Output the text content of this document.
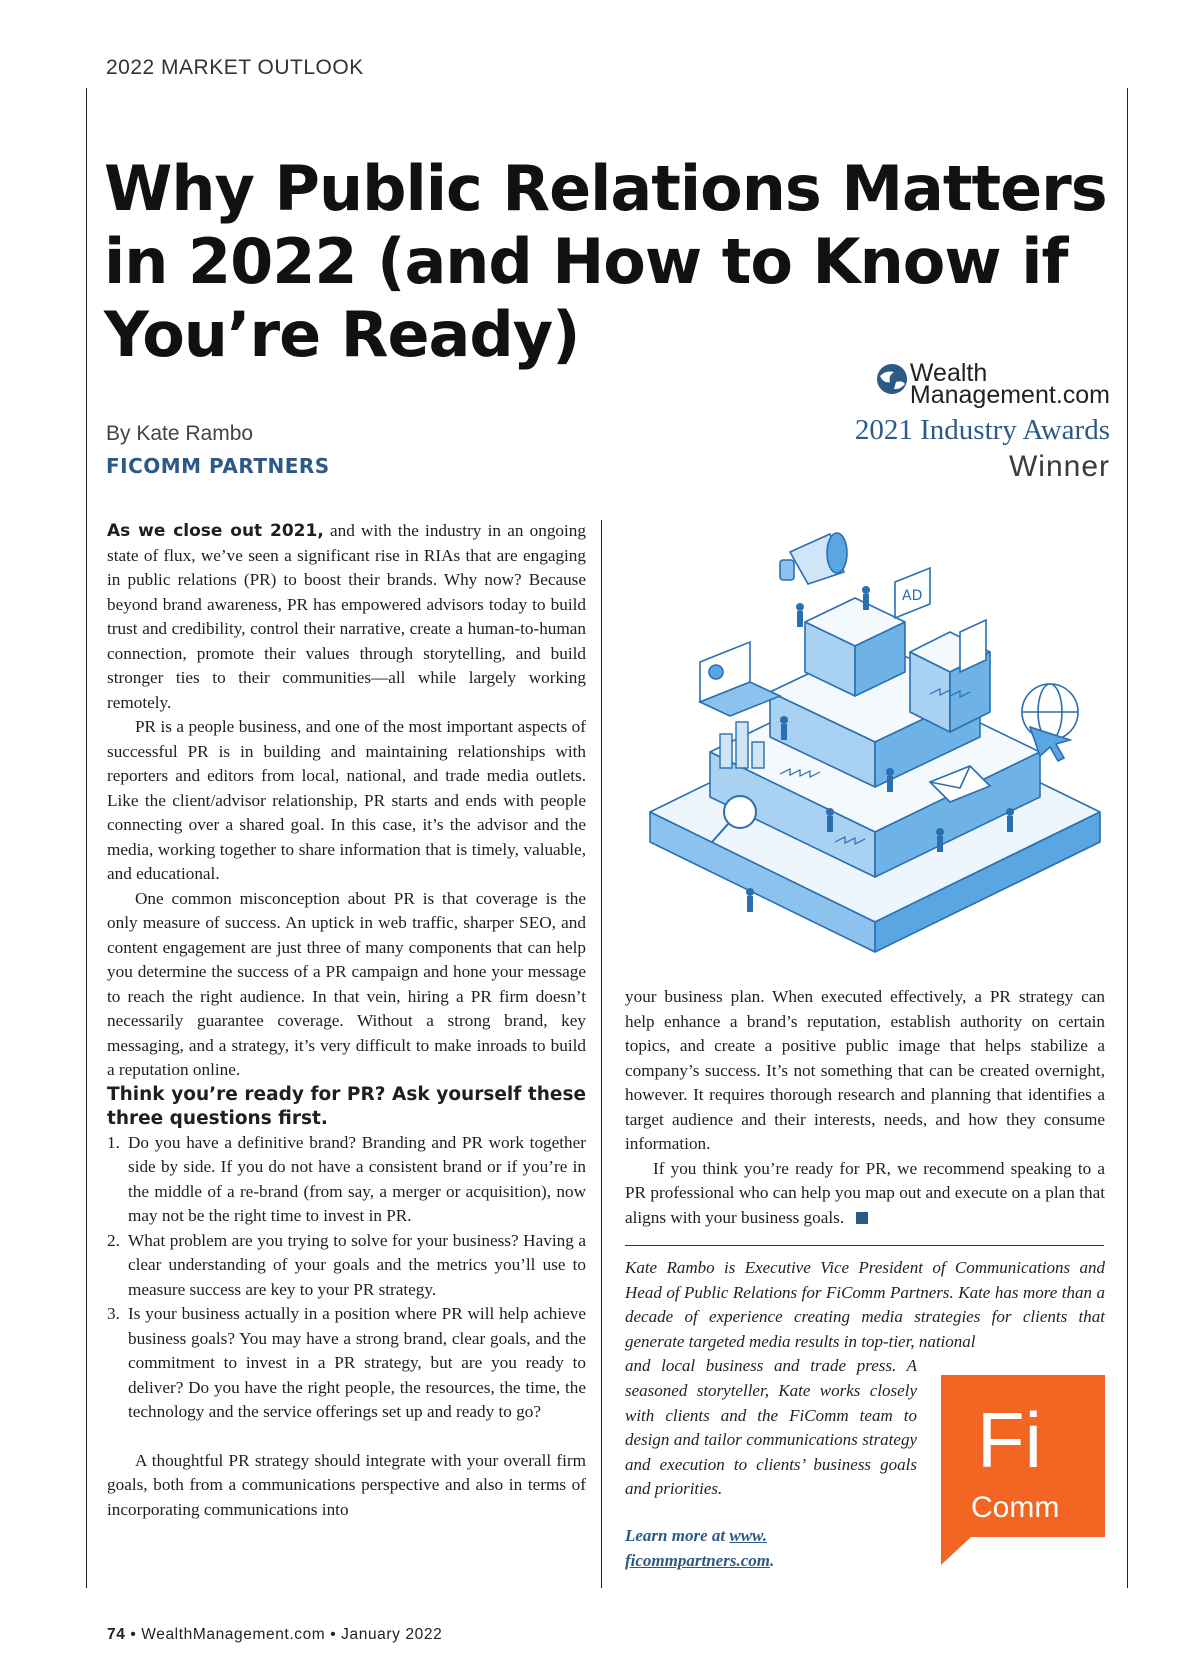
2022 MARKET OUTLOOK
Why Public Relations Matters
in 2022 (and How to Know if
You’re Ready)
Wealth
Management.com
2021 Industry Awards
Winner
By Kate Rambo
FICOMM PARTNERS

As we close out 2021, and with the industry in an ongoing state of flux, we’ve seen a significant rise in RIAs that are engaging in public relations (PR) to boost their brands. Why now? Because beyond brand awareness, PR has empowered advisors today to build trust and credibility, control their narrative, create a human-to-human connection, promote their values through storytelling, and build stronger ties to their communities—all while largely working remotely.

PR is a people business, and one of the most important aspects of successful PR is in building and maintaining relationships with reporters and editors from local, national, and trade media outlets. Like the client/advisor relationship, PR starts and ends with people connecting over a shared goal. In this case, it’s the advisor and the media, working together to share information that is timely, valuable, and educational.

One common misconception about PR is that coverage is the only measure of success. An uptick in web traffic, sharper SEO, and content engagement are just three of many components that can help you determine the success of a PR campaign and hone your message to reach the right audience. In that vein, hiring a PR firm doesn’t necessarily guarantee coverage. Without a strong brand, key messaging, and a strategy, it’s very difficult to make inroads to build a reputation online.

Think you’re ready for PR? Ask yourself these three questions first.

1. Do you have a definitive brand? Branding and PR work together side by side. If you do not have a consistent brand or if you’re in the middle of a re-brand (from say, a merger or acquisition), now may not be the right time to invest in PR.
2. What problem are you trying to solve for your business? Having a clear understanding of your goals and the metrics you’ll use to measure success are key to your PR strategy.
3. Is your business actually in a position where PR will help achieve business goals? You may have a strong brand, clear goals, and the commitment to invest in a PR strategy, but are you ready to deliver? Do you have the right people, the resources, the time, the technology and the service offerings set up and ready to go?

A thoughtful PR strategy should integrate with your overall firm goals, both from a communications perspective and also in terms of incorporating communications into

AD

your business plan. When executed effectively, a PR strategy can help enhance a brand’s reputation, establish authority on certain topics, and create a positive public image that helps stabilize a company’s success. It’s not something that can be created overnight, however. It requires thorough research and planning that identifies a target audience and their interests, needs, and how they consume information.

If you think you’re ready for PR, we recommend speaking to a PR professional who can help you map out and execute on a plan that aligns with your business goals.

Kate Rambo is Executive Vice President of Communications and Head of Public Relations for FiComm Partners. Kate has more than a decade of experience creating media strategies for clients that generate targeted media results in top-tier, national

and local business and trade press. A seasoned storyteller, Kate works closely with clients and the FiComm team to design and tailor communications strategy and execution to clients’ business goals and priorities.

Learn more at www.
ficommpartners.com.
Fi
Comm
74 • WealthManagement.com • January 2022
